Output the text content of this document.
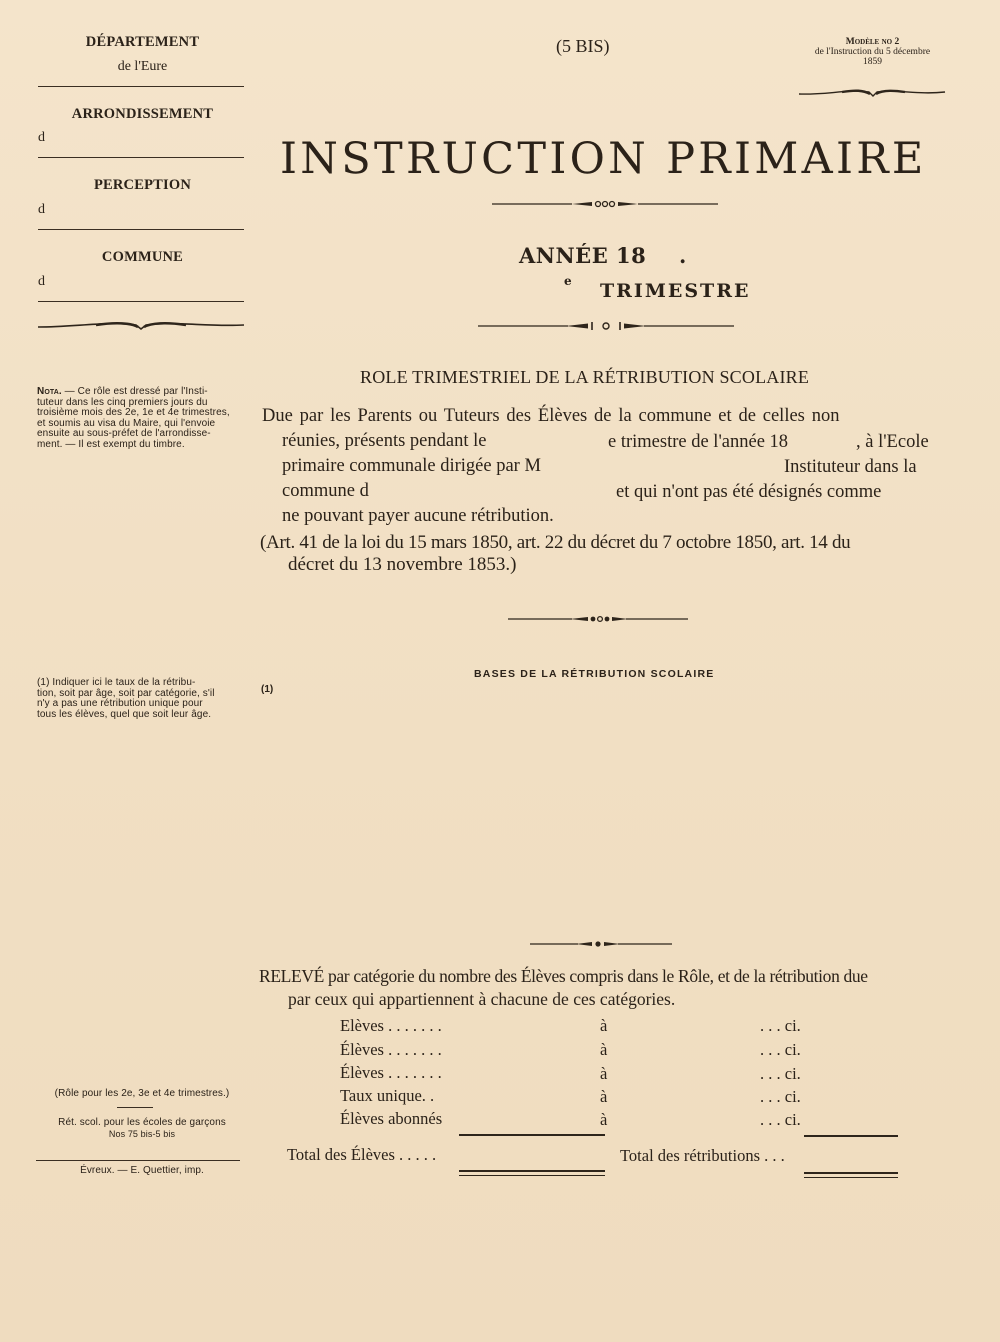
DÉPARTEMENT
de l'Eure
ARRONDISSEMENT
d
PERCEPTION
d
COMMUNE
d
Nota. — Ce rôle est dressé par l'Insti-
tuteur dans les cinq premiers jours du
troisième mois des 2e, 1e et 4e trimestres,
et soumis au visa du Maire, qui l'envoie
ensuite au sous-préfet de l'arrondisse-
ment. — Il est exempt du timbre.
(1) Indiquer ici le taux de la rétribu-
tion, soit par âge, soit par catégorie, s'il
n'y a pas une rétribution unique pour
tous les élèves, quel que soit leur âge.
(Rôle pour les 2e, 3e et 4e trimestres.)
Rét. scol. pour les écoles de garçons
Nos 75 bis-5 bis
Évreux. — E. Quettier, imp.
(5 BIS)	Modèle no 2
de l'Instruction du 5 décembre
1859
INSTRUCTION PRIMAIRE
ANNÉE 18 .
e TRIMESTRE
ROLE TRIMESTRIEL DE LA RÉTRIBUTION SCOLAIRE
Due par les Parents ou Tuteurs des Élèves de la commune et de celles non
réunies, présents pendant le	e trimestre de l'année 18	, à l'Ecole
primaire communale dirigée par M	Instituteur dans la
commune d	et qui n'ont pas été désignés comme
ne pouvant payer aucune rétribution.
(Art. 41 de la loi du 15 mars 1850, art. 22 du décret du 7 octobre 1850, art. 14 du
décret du 13 novembre 1853.)
BASES DE LA RÉTRIBUTION SCOLAIRE
(1)
RELEVÉ par catégorie du nombre des Élèves compris dans le Rôle, et de la rétribution due
par ceux qui appartiennent à chacune de ces catégories.
Elèves . . . . . . .	à	. . . ci.
Élèves . . . . . . .	à	. . . ci.
Élèves . . . . . . .	à	. . . ci.
Taux unique. .	à	. . . ci.
Élèves abonnés	à	. . . ci.
Total des Élèves . . . . .	Total des rétributions . . .
